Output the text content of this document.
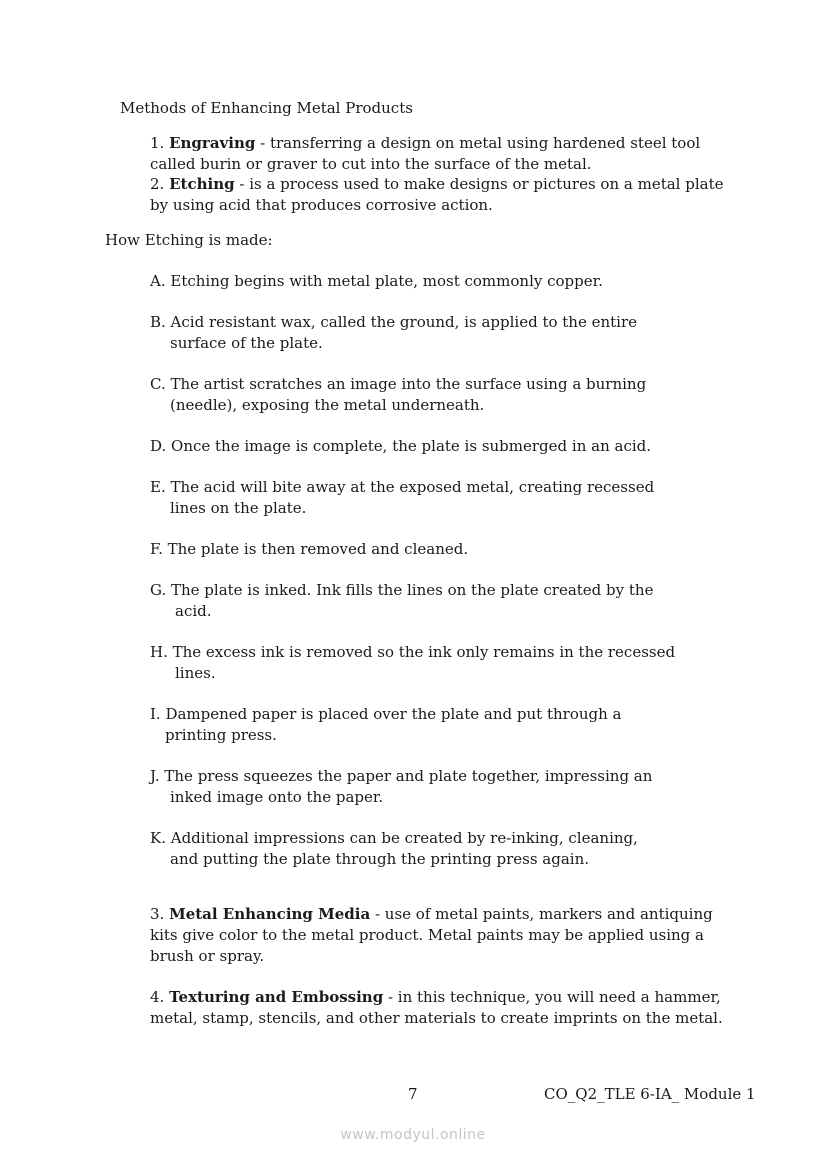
Methods of Enhancing Metal Products
1. Engraving - transferring a design on metal using hardened steel tool
called burin or graver to cut into the surface of the metal.
2. Etching - is a process used to make designs or pictures on a metal plate
by using acid that produces corrosive action.
How Etching is made:
A. Etching begins with metal plate, most commonly copper.
B. Acid resistant wax, called the ground, is applied to the entire
surface of the plate.
C. The artist scratches an image into the surface using a burning
(needle), exposing the metal underneath.
D. Once the image is complete, the plate is submerged in an acid.
E. The acid will bite away at the exposed metal, creating recessed
lines on the plate.
F. The plate is then removed and cleaned.
G. The plate is inked. Ink fills the lines on the plate created by the
acid.
H. The excess ink is removed so the ink only remains in the recessed
lines.
I. Dampened paper is placed over the plate and put through a
printing press.
J. The press squeezes the paper and plate together, impressing an
inked image onto the paper.
K. Additional impressions can be created by re-inking, cleaning,
and putting the plate through the printing press again.
3. Metal Enhancing Media - use of metal paints, markers and antiquing
kits give color to the metal product. Metal paints may be applied using a
brush or spray.
4. Texturing and Embossing - in this technique, you will need a hammer,
metal, stamp, stencils, and other materials to create imprints on the metal.
7	CO_Q2_TLE 6-IA_ Module 1
www.modyul.online
